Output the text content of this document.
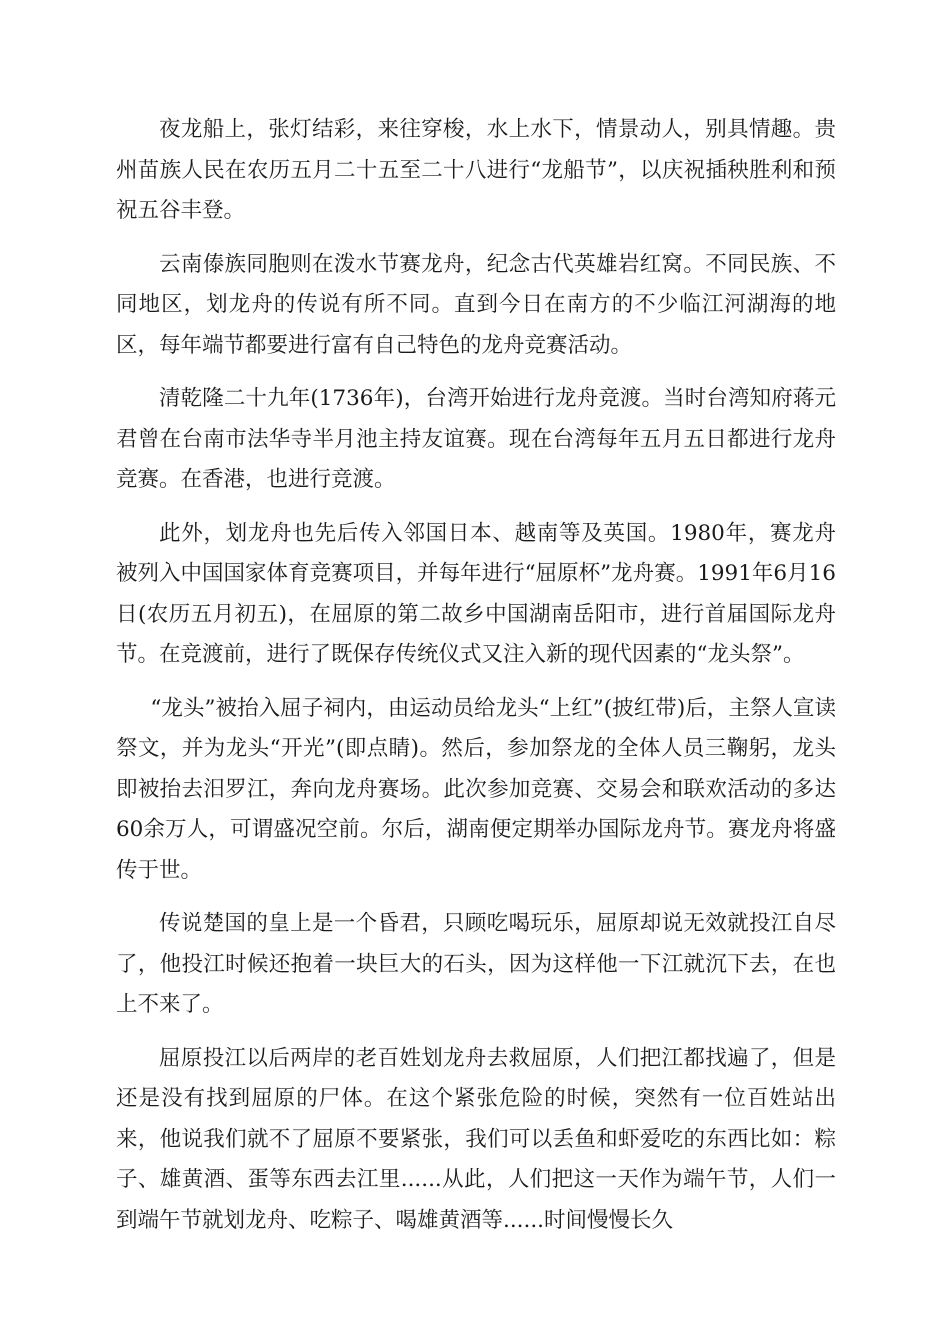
夜龙船上，张灯结彩，来往穿梭，水上水下，情景动人，别具情趣。贵州苗族人民在农历五月二十五至二十八进行“龙船节”，以庆祝插秧胜利和预祝五谷丰登。

云南傣族同胞则在泼水节赛龙舟，纪念古代英雄岩红窝。不同民族、不同地区，划龙舟的传说有所不同。直到今日在南方的不少临江河湖海的地区，每年端节都要进行富有自己特色的龙舟竞赛活动。

清乾隆二十九年(1736年)，台湾开始进行龙舟竞渡。当时台湾知府蒋元君曾在台南市法华寺半月池主持友谊赛。现在台湾每年五月五日都进行龙舟竞赛。在香港，也进行竞渡。

此外，划龙舟也先后传入邻国日本、越南等及英国。1980年，赛龙舟被列入中国国家体育竞赛项目，并每年进行“屈原杯”龙舟赛。1991年6月16日(农历五月初五)，在屈原的第二故乡中国湖南岳阳市，进行首届国际龙舟节。在竞渡前，进行了既保存传统仪式又注入新的现代因素的“龙头祭”。

“龙头”被抬入屈子祠内，由运动员给龙头“上红”(披红带)后，主祭人宣读祭文，并为龙头“开光”(即点睛)。然后，参加祭龙的全体人员三鞠躬，龙头即被抬去汨罗江，奔向龙舟赛场。此次参加竞赛、交易会和联欢活动的多达60余万人，可谓盛况空前。尔后，湖南便定期举办国际龙舟节。赛龙舟将盛传于世。

传说楚国的皇上是一个昏君，只顾吃喝玩乐，屈原却说无效就投江自尽了，他投江时候还抱着一块巨大的石头，因为这样他一下江就沉下去，在也上不来了。

屈原投江以后两岸的老百姓划龙舟去救屈原，人们把江都找遍了，但是还是没有找到屈原的尸体。在这个紧张危险的时候，突然有一位百姓站出来，他说我们就不了屈原不要紧张，我们可以丢鱼和虾爱吃的东西比如：粽子、雄黄酒、蛋等东西去江里......从此，人们把这一天作为端午节，人们一到端午节就划龙舟、吃粽子、喝雄黄酒等......时间慢慢长久
